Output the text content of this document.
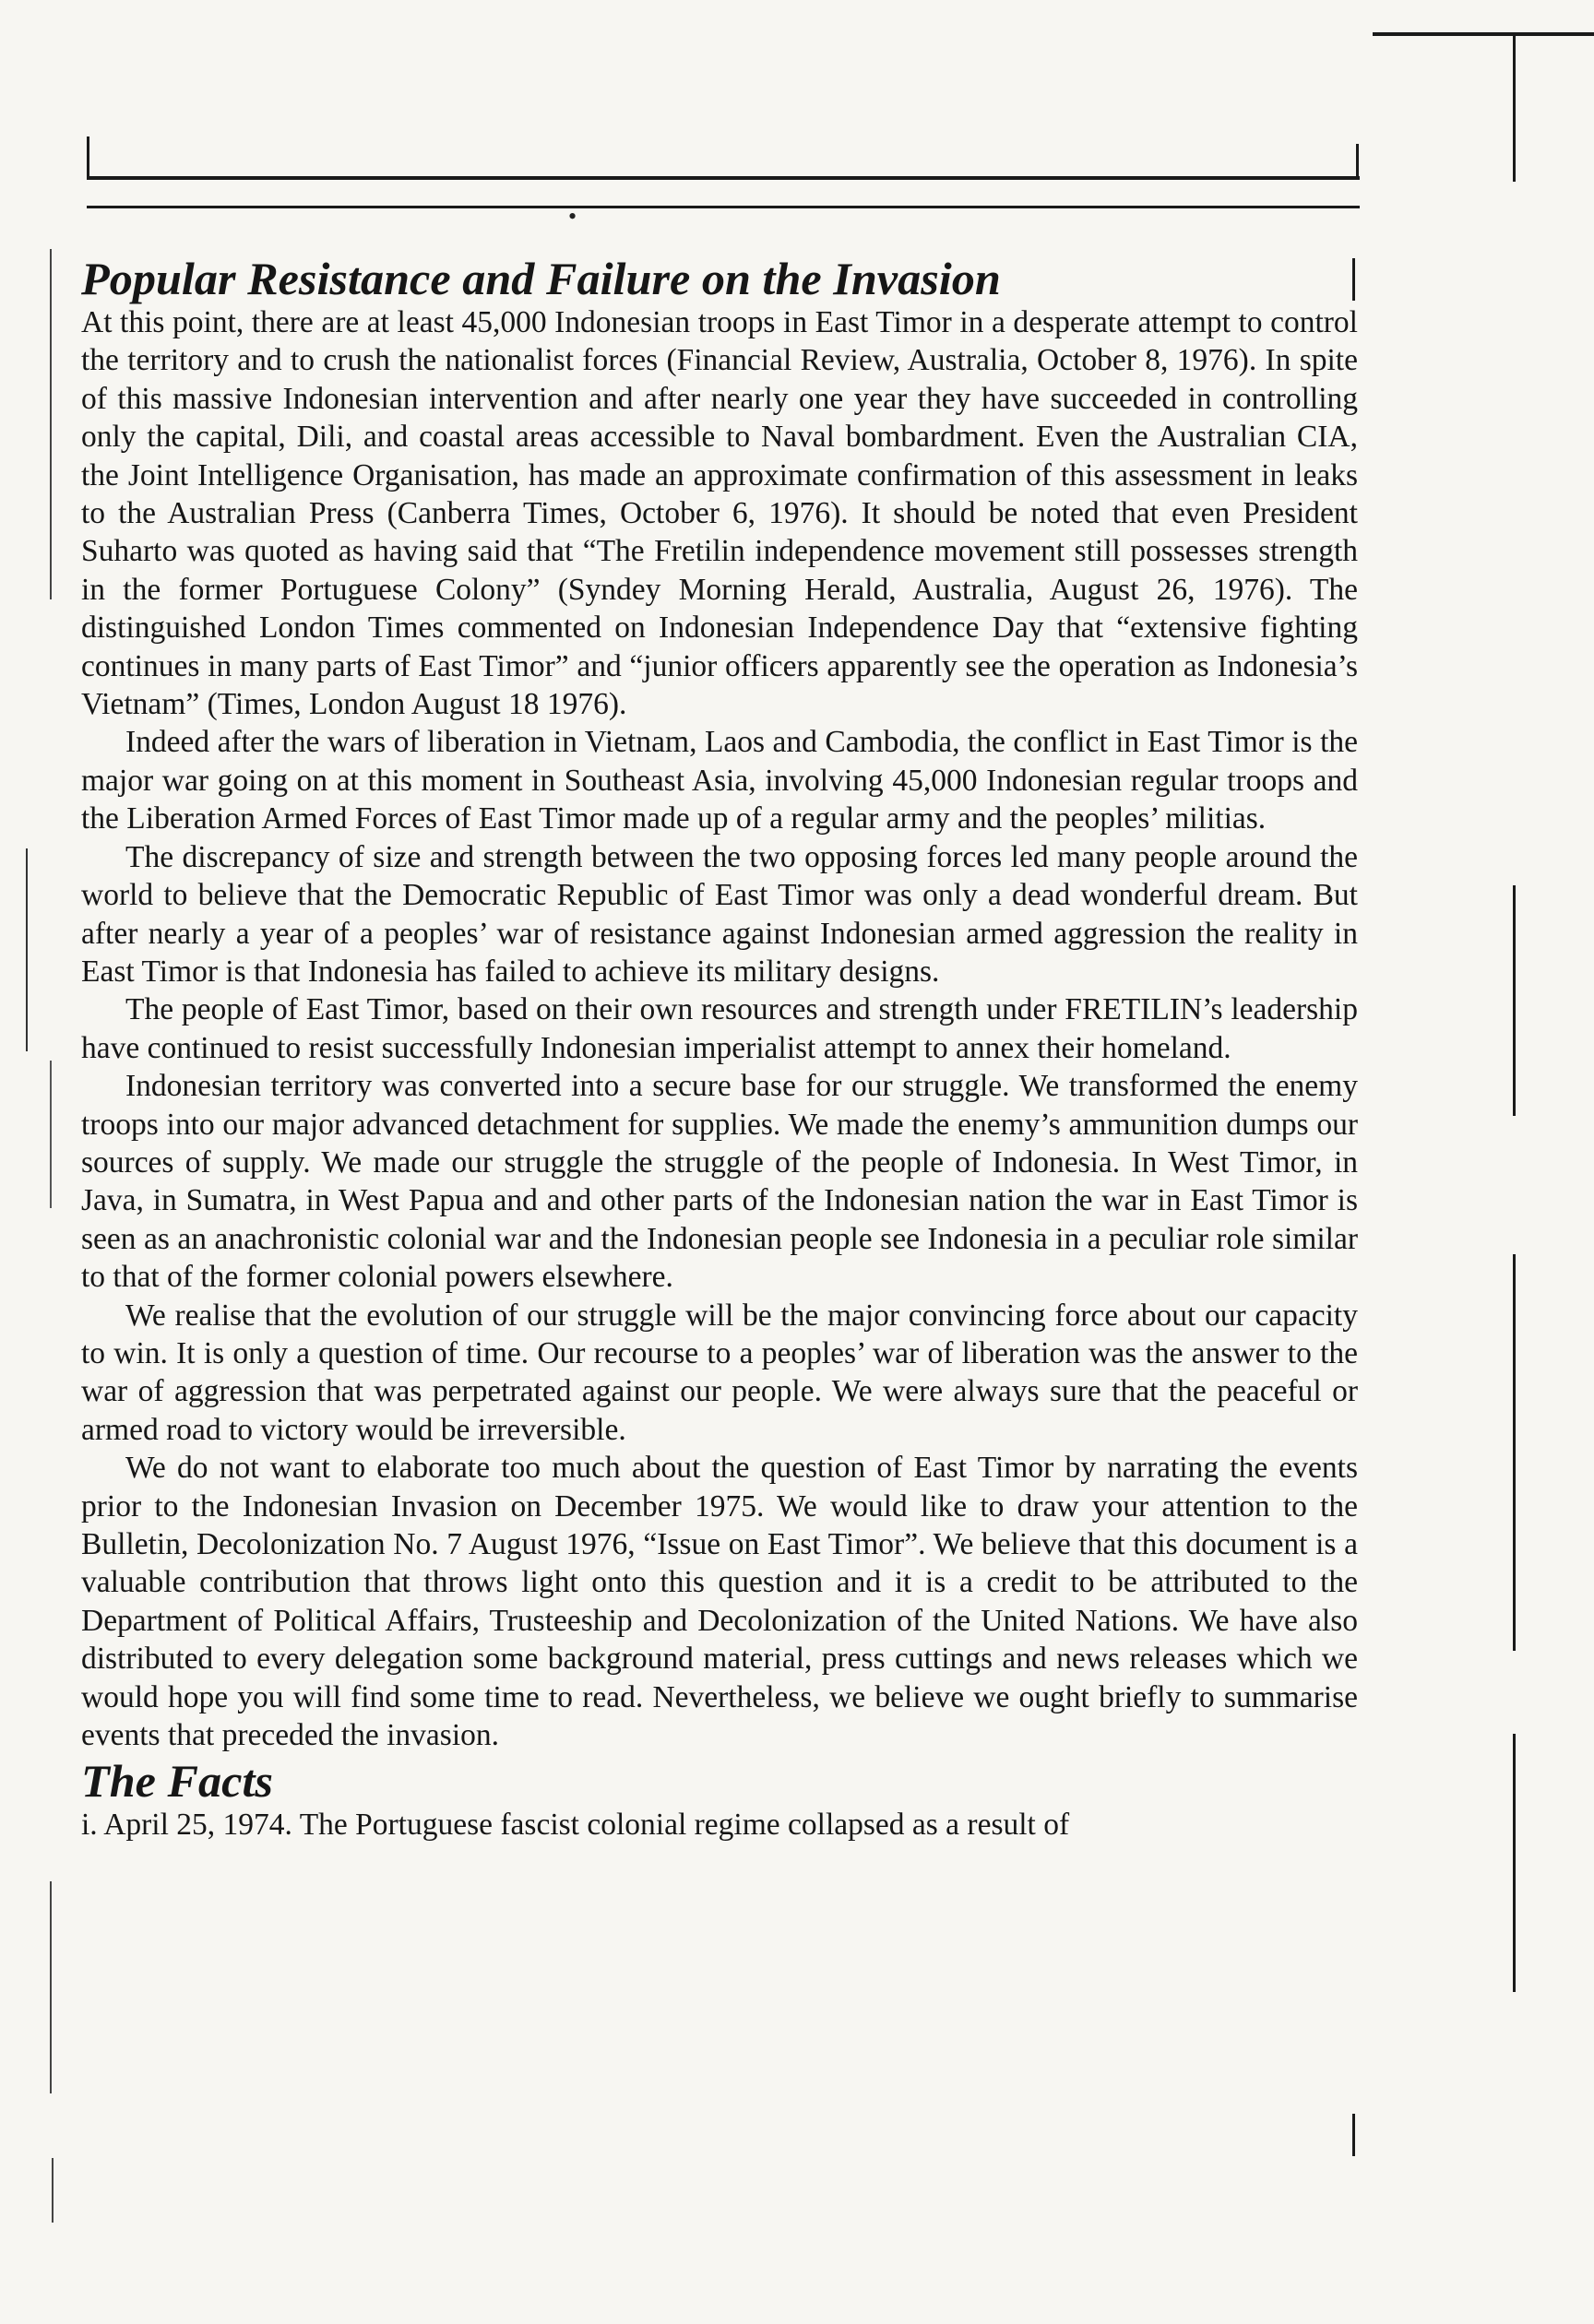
•
Popular Resistance and Failure on the Invasion

At this point, there are at least 45,000 Indonesian troops in East Timor in a desperate attempt to control the territory and to crush the nationalist forces (Financial Review, Australia, October 8, 1976). In spite of this massive Indonesian intervention and after nearly one year they have succeeded in controlling only the capital, Dili, and coastal areas accessible to Naval bombardment. Even the Australian CIA, the Joint Intelligence Organisation, has made an approximate confirmation of this assessment in leaks to the Australian Press (Canberra Times, October 6, 1976). It should be noted that even President Suharto was quoted as having said that “The Fretilin independence movement still possesses strength in the former Portuguese Colony” (Syndey Morning Herald, Australia, August 26, 1976). The distinguished London Times commented on Indonesian Independence Day that “extensive fighting continues in many parts of East Timor” and “junior officers apparently see the operation as Indonesia’s Vietnam” (Times, London August 18 1976).

Indeed after the wars of liberation in Vietnam, Laos and Cambodia, the conflict in East Timor is the major war going on at this moment in Southeast Asia, involving 45,000 Indonesian regular troops and the Liberation Armed Forces of East Timor made up of a regular army and the peoples’ militias.

The discrepancy of size and strength between the two opposing forces led many people around the world to believe that the Democratic Republic of East Timor was only a dead wonderful dream. But after nearly a year of a peoples’ war of resistance against Indonesian armed aggression the reality in East Timor is that Indonesia has failed to achieve its military designs.

The people of East Timor, based on their own resources and strength under FRETILIN’s leadership have continued to resist successfully Indonesian imperialist attempt to annex their homeland.

Indonesian territory was converted into a secure base for our struggle. We transformed the enemy troops into our major advanced detachment for supplies. We made the enemy’s ammunition dumps our sources of supply. We made our struggle the struggle of the people of Indonesia. In West Timor, in Java, in Sumatra, in West Papua and and other parts of the Indonesian nation the war in East Timor is seen as an anachronistic colonial war and the Indonesian people see Indonesia in a peculiar role similar to that of the former colonial powers elsewhere.

We realise that the evolution of our struggle will be the major convincing force about our capacity to win. It is only a question of time. Our recourse to a peoples’ war of liberation was the answer to the war of aggression that was perpetrated against our people. We were always sure that the peaceful or armed road to victory would be irreversible.

We do not want to elaborate too much about the question of East Timor by narrating the events prior to the Indonesian Invasion on December 1975. We would like to draw your attention to the Bulletin, Decolonization No. 7 August 1976, “Issue on East Timor”. We believe that this document is a valuable contribution that throws light onto this question and it is a credit to be attributed to the Department of Political Affairs, Trusteeship and Decolonization of the United Nations. We have also distributed to every delegation some background material, press cuttings and news releases which we would hope you will find some time to read. Nevertheless, we believe we ought briefly to summarise events that preceded the invasion.

The Facts

i. April 25, 1974. The Portuguese fascist colonial regime collapsed as a result of
